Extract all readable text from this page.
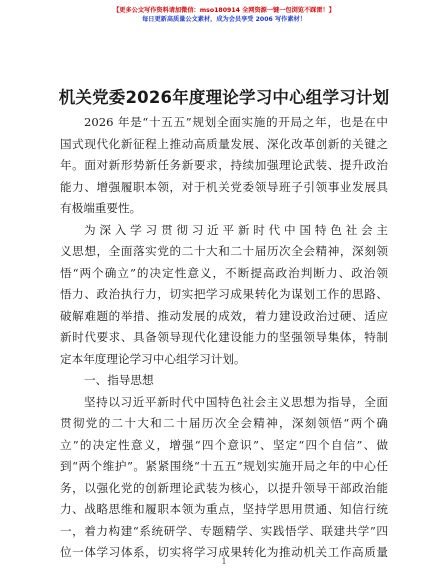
【更多公文写作资料请加微信：mso180914 全网资源一键一包浏览不踩雷！】
每日更新高质量公文素材，成为会员享受 2006 写作素材！
机关党委2026年度理论学习中心组学习计划
2026 年是“十五五”规划全面实施的开局之年，也是在中
国式现代化新征程上推动高质量发展、深化改革创新的关键之
年。面对新形势新任务新要求，持续加强理论武装、提升政治
能力、增强履职本领，对于机关党委领导班子引领事业发展具
有极端重要性。
为深入学习贯彻习近平新时代中国特色社会主
义思想，全面落实党的二十大和二十届历次全会精神，深刻领
悟“两个确立”的决定性意义，不断提高政治判断力、政治领
悟力、政治执行力，切实把学习成果转化为谋划工作的思路、
破解难题的举措、推动发展的成效，着力建设政治过硬、适应
新时代要求、具备领导现代化建设能力的坚强领导集体，特制
定本年度理论学习中心组学习计划。
一、指导思想
坚持以习近平新时代中国特色社会主义思想为指导，全面
贯彻党的二十大和二十届历次全会精神，深刻领悟“两个确
立”的决定性意义，增强“四个意识”、坚定“四个自信”、做
到“两个维护”。紧紧围绕“十五五”规划实施开局之年的中心任
务，以强化党的创新理论武装为核心，以提升领导干部政治能
力、战略思维和履职本领为重点，坚持学思用贯通、知信行统
一，着力构建“系统研学、专题精学、实践悟学、联建共学”四
位一体学习体系，切实将学习成果转化为推动机关工作高质量
1
